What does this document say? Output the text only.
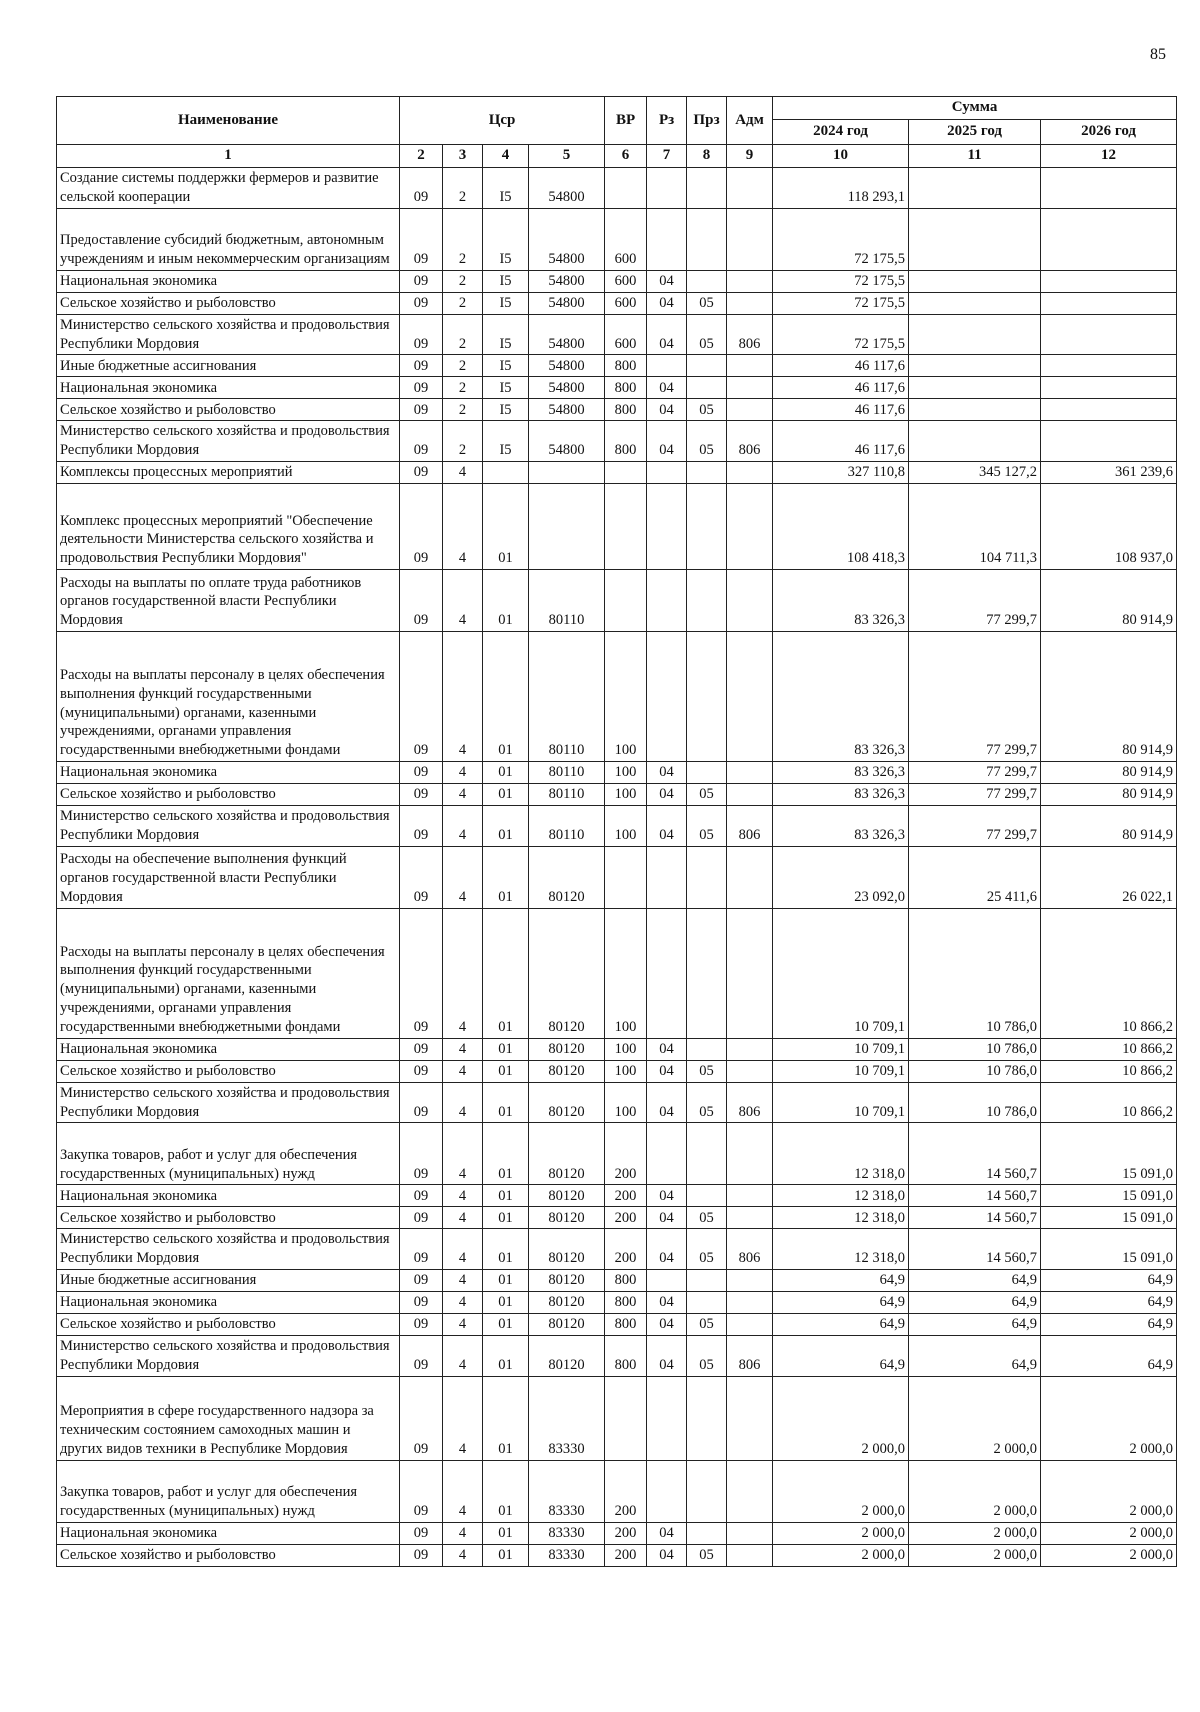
85
Наименование	Цср				ВР	Рз	Прз	Адм	Сумма		
									2024 год	2025 год	2026 год
1	2	3	4	5	6	7	8	9	10	11	12
Создание системы поддержки фермеров и развитие сельской кооперации	09	2	I5	54800					118 293,1		
Предоставление субсидий бюджетным, автономным учреждениям и иным некоммерческим организациям	09	2	I5	54800	600				72 175,5		
Национальная экономика	09	2	I5	54800	600	04			72 175,5		
Сельское хозяйство и рыболовство	09	2	I5	54800	600	04	05		72 175,5		
Министерство сельского хозяйства и продовольствия Республики Мордовия	09	2	I5	54800	600	04	05	806	72 175,5		
Иные бюджетные ассигнования	09	2	I5	54800	800				46 117,6		
Национальная экономика	09	2	I5	54800	800	04			46 117,6		
Сельское хозяйство и рыболовство	09	2	I5	54800	800	04	05		46 117,6		
Министерство сельского хозяйства и продовольствия Республики Мордовия	09	2	I5	54800	800	04	05	806	46 117,6		
Комплексы процессных мероприятий	09	4							327 110,8	345 127,2	361 239,6
Комплекс процессных мероприятий "Обеспечение деятельности Министерства сельского хозяйства и продовольствия Республики Мордовия"	09	4	01						108 418,3	104 711,3	108 937,0
Расходы на выплаты по оплате труда работников органов государственной власти Республики Мордовия	09	4	01	80110					83 326,3	77 299,7	80 914,9
Расходы на выплаты персоналу в целях обеспечения выполнения функций государственными (муниципальными) органами, казенными учреждениями, органами управления государственными внебюджетными фондами	09	4	01	80110	100				83 326,3	77 299,7	80 914,9
Национальная экономика	09	4	01	80110	100	04			83 326,3	77 299,7	80 914,9
Сельское хозяйство и рыболовство	09	4	01	80110	100	04	05		83 326,3	77 299,7	80 914,9
Министерство сельского хозяйства и продовольствия Республики Мордовия	09	4	01	80110	100	04	05	806	83 326,3	77 299,7	80 914,9
Расходы на обеспечение выполнения функций органов государственной власти Республики Мордовия	09	4	01	80120					23 092,0	25 411,6	26 022,1
Расходы на выплаты персоналу в целях обеспечения выполнения функций государственными (муниципальными) органами, казенными учреждениями, органами управления государственными внебюджетными фондами	09	4	01	80120	100				10 709,1	10 786,0	10 866,2
Национальная экономика	09	4	01	80120	100	04			10 709,1	10 786,0	10 866,2
Сельское хозяйство и рыболовство	09	4	01	80120	100	04	05		10 709,1	10 786,0	10 866,2
Министерство сельского хозяйства и продовольствия Республики Мордовия	09	4	01	80120	100	04	05	806	10 709,1	10 786,0	10 866,2
Закупка товаров, работ и услуг для обеспечения государственных (муниципальных) нужд	09	4	01	80120	200				12 318,0	14 560,7	15 091,0
Национальная экономика	09	4	01	80120	200	04			12 318,0	14 560,7	15 091,0
Сельское хозяйство и рыболовство	09	4	01	80120	200	04	05		12 318,0	14 560,7	15 091,0
Министерство сельского хозяйства и продовольствия Республики Мордовия	09	4	01	80120	200	04	05	806	12 318,0	14 560,7	15 091,0
Иные бюджетные ассигнования	09	4	01	80120	800				64,9	64,9	64,9
Национальная экономика	09	4	01	80120	800	04			64,9	64,9	64,9
Сельское хозяйство и рыболовство	09	4	01	80120	800	04	05		64,9	64,9	64,9
Министерство сельского хозяйства и продовольствия Республики Мордовия	09	4	01	80120	800	04	05	806	64,9	64,9	64,9
Мероприятия в сфере государственного надзора за техническим состоянием самоходных машин и других видов техники в Республике Мордовия	09	4	01	83330					2 000,0	2 000,0	2 000,0
Закупка товаров, работ и услуг для обеспечения государственных (муниципальных) нужд	09	4	01	83330	200				2 000,0	2 000,0	2 000,0
Национальная экономика	09	4	01	83330	200	04			2 000,0	2 000,0	2 000,0
Сельское хозяйство и рыболовство	09	4	01	83330	200	04	05		2 000,0	2 000,0	2 000,0
